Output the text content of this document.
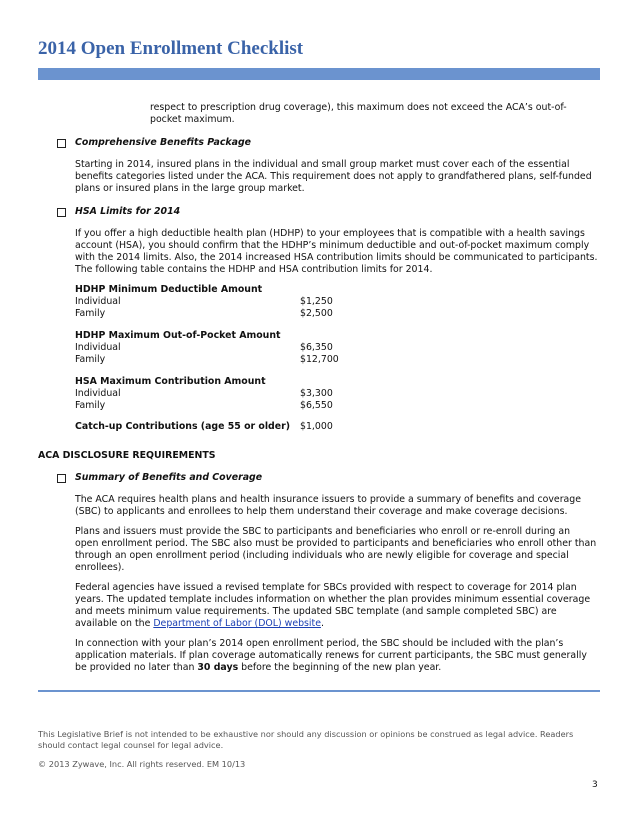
2014 Open Enrollment Checklist
respect to prescription drug coverage), this maximum does not exceed the ACA’s out-of-
pocket maximum.
Comprehensive Benefits Package
Starting in 2014, insured plans in the individual and small group market must cover each of the essential
benefits categories listed under the ACA. This requirement does not apply to grandfathered plans, self-funded
plans or insured plans in the large group market.
HSA Limits for 2014
If you offer a high deductible health plan (HDHP) to your employees that is compatible with a health savings
account (HSA), you should confirm that the HDHP’s minimum deductible and out-of-pocket maximum comply
with the 2014 limits. Also, the 2014 increased HSA contribution limits should be communicated to participants.
The following table contains the HDHP and HSA contribution limits for 2014.
HDHP Minimum Deductible Amount
Individual	$1,250
Family	$2,500
HDHP Maximum Out-of-Pocket Amount
Individual	$6,350
Family	$12,700
HSA Maximum Contribution Amount
Individual	$3,300
Family	$6,550
Catch-up Contributions (age 55 or older) $1,000
ACA DISCLOSURE REQUIREMENTS
Summary of Benefits and Coverage
The ACA requires health plans and health insurance issuers to provide a summary of benefits and coverage
(SBC) to applicants and enrollees to help them understand their coverage and make coverage decisions.
Plans and issuers must provide the SBC to participants and beneficiaries who enroll or re-enroll during an
open enrollment period. The SBC also must be provided to participants and beneficiaries who enroll other than
through an open enrollment period (including individuals who are newly eligible for coverage and special
enrollees).
Federal agencies have issued a revised template for SBCs provided with respect to coverage for 2014 plan
years. The updated template includes information on whether the plan provides minimum essential coverage
and meets minimum value requirements. The updated SBC template (and sample completed SBC) are
available on the Department of Labor (DOL) website.
In connection with your plan’s 2014 open enrollment period, the SBC should be included with the plan’s
application materials. If plan coverage automatically renews for current participants, the SBC must generally
be provided no later than 30 days before the beginning of the new plan year.
This Legislative Brief is not intended to be exhaustive nor should any discussion or opinions be construed as legal advice. Readers
should contact legal counsel for legal advice.
© 2013 Zywave, Inc. All rights reserved. EM 10/13
3
